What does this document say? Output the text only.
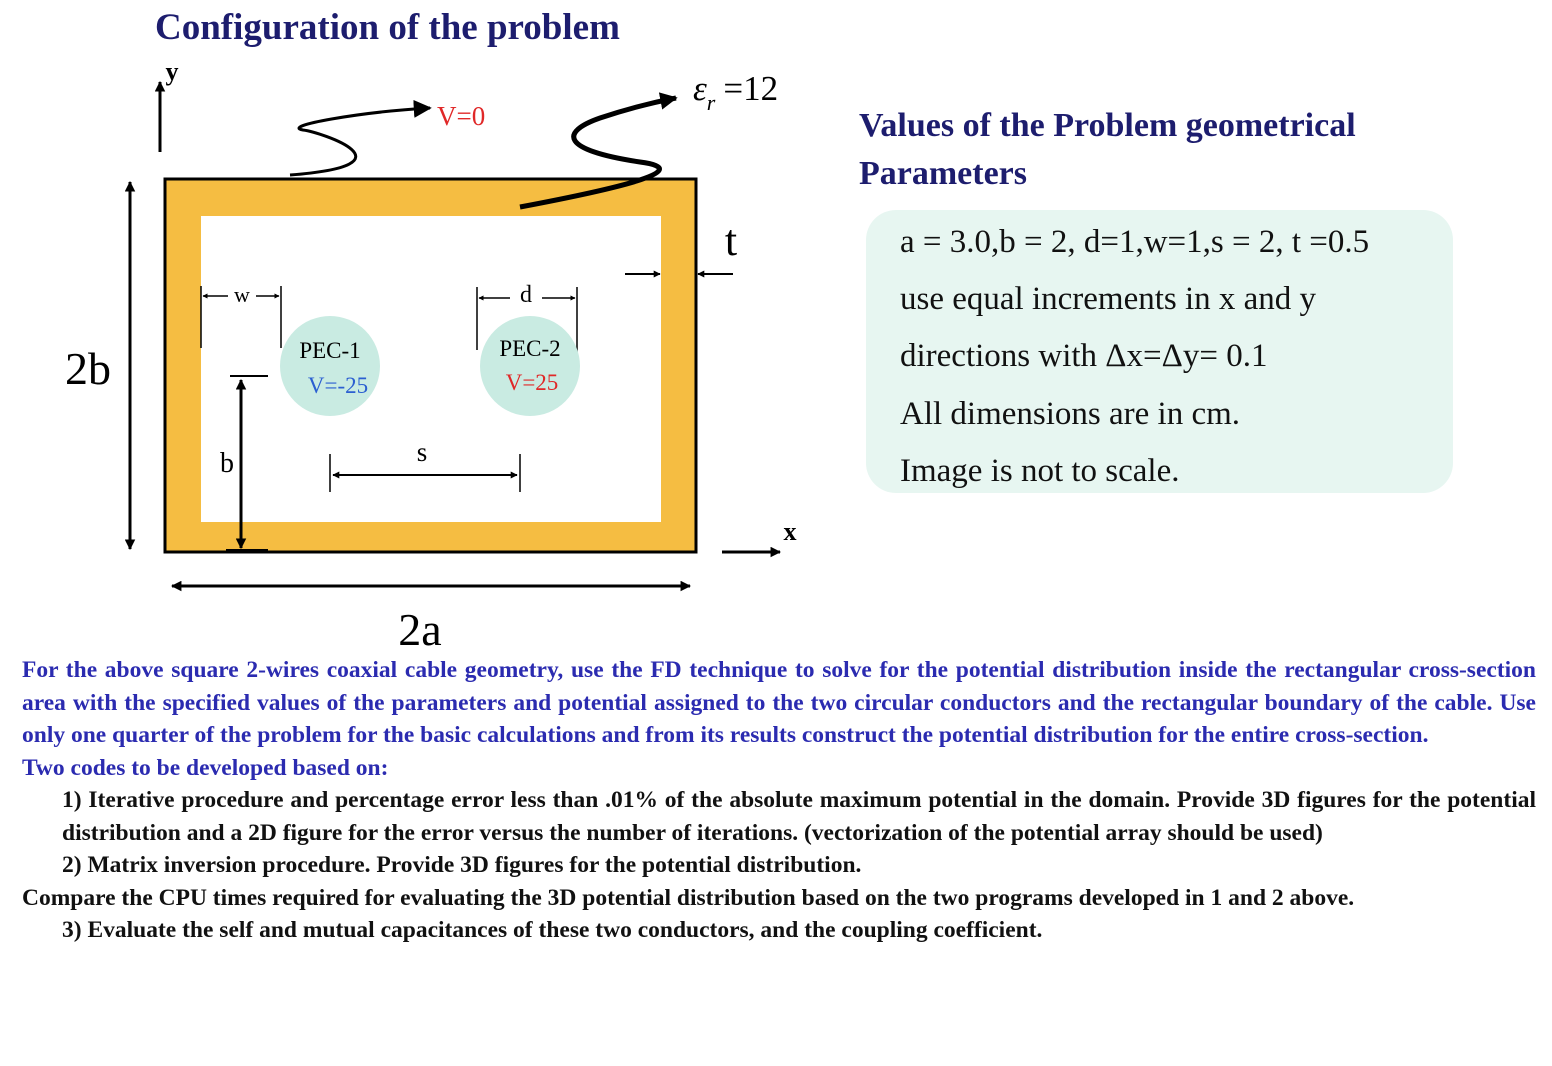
Configuration of the problem
y
x
V=0
$\varepsilon_r =12$
t
2b
2a
w	d
PEC-1
V=-25
PEC-2
V=25
b	s
Values of the Problem geometrical
Parameters
a = 3.0,b = 2, d=1,w=1,s = 2, t =0.5
use equal increments in x and y
directions with Δx=Δy= 0.1
All dimensions are in cm.
Image is not to scale.

For the above square 2-wires coaxial cable geometry, use the FD technique to solve for the potential distribution inside the rectangular cross-section area with the specified values of the parameters and potential assigned to the two circular conductors and the rectangular boundary of the cable. Use only one quarter of the problem for the basic calculations and from its results construct the potential distribution for the entire cross-section.

Two codes to be developed based on:

1) Iterative procedure and percentage error less than .01% of the absolute maximum potential in the domain. Provide 3D figures for the potential distribution and a 2D figure for the error versus the number of iterations. (vectorization of the potential array should be used)

2) Matrix inversion procedure. Provide 3D figures for the potential distribution.

Compare the CPU times required for evaluating the 3D potential distribution based on the two programs developed in 1 and 2 above.

3) Evaluate the self and mutual capacitances of these two conductors, and the coupling coefficient.
